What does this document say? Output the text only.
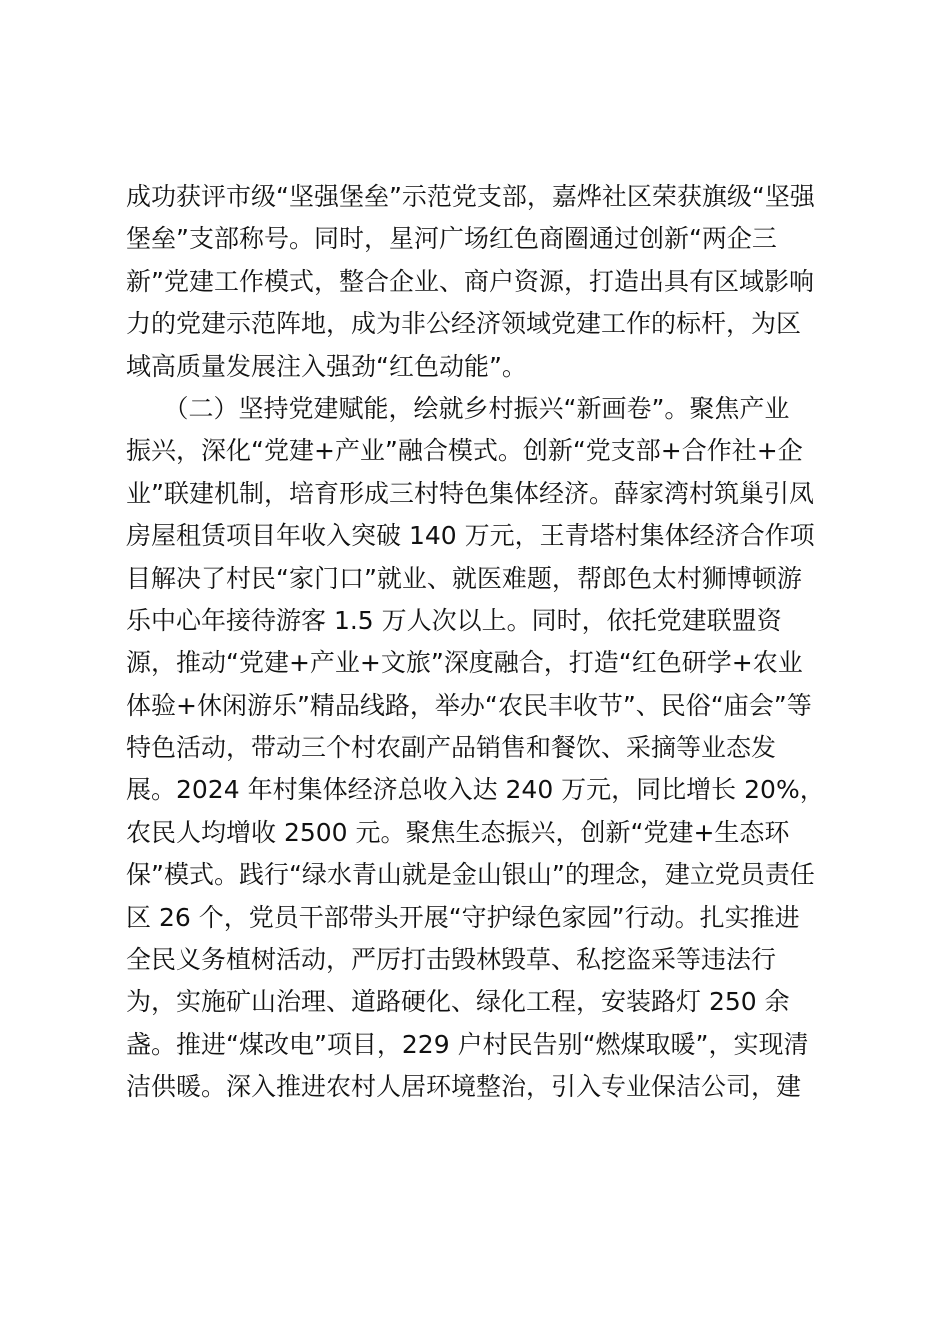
成功获评市级“坚强堡垒”示范党支部，嘉烨社区荣获旗级“坚强
堡垒”支部称号。同时，星河广场红色商圈通过创新“两企三
新”党建工作模式，整合企业、商户资源，打造出具有区域影响
力的党建示范阵地，成为非公经济领域党建工作的标杆，为区
域高质量发展注入强劲“红色动能”。
　　（二）坚持党建赋能，绘就乡村振兴“新画卷”。聚焦产业
振兴，深化“党建+产业”融合模式。创新“党支部+合作社+企
业”联建机制，培育形成三村特色集体经济。薛家湾村筑巢引凤
房屋租赁项目年收入突破 140 万元，王青塔村集体经济合作项
目解决了村民“家门口”就业、就医难题，帮郎色太村狮博顿游
乐中心年接待游客 1.5 万人次以上。同时，依托党建联盟资
源，推动“党建+产业+文旅”深度融合，打造“红色研学+农业
体验+休闲游乐”精品线路，举办“农民丰收节”、民俗“庙会”等
特色活动，带动三个村农副产品销售和餐饮、采摘等业态发
展。2024 年村集体经济总收入达 240 万元，同比增长 20%，
农民人均增收 2500 元。聚焦生态振兴，创新“党建+生态环
保”模式。践行“绿水青山就是金山银山”的理念，建立党员责任
区 26 个，党员干部带头开展“守护绿色家园”行动。扎实推进
全民义务植树活动，严厉打击毁林毁草、私挖盗采等违法行
为，实施矿山治理、道路硬化、绿化工程，安装路灯 250 余
盏。推进“煤改电”项目，229 户村民告别“燃煤取暖”，实现清
洁供暖。深入推进农村人居环境整治，引入专业保洁公司，建
